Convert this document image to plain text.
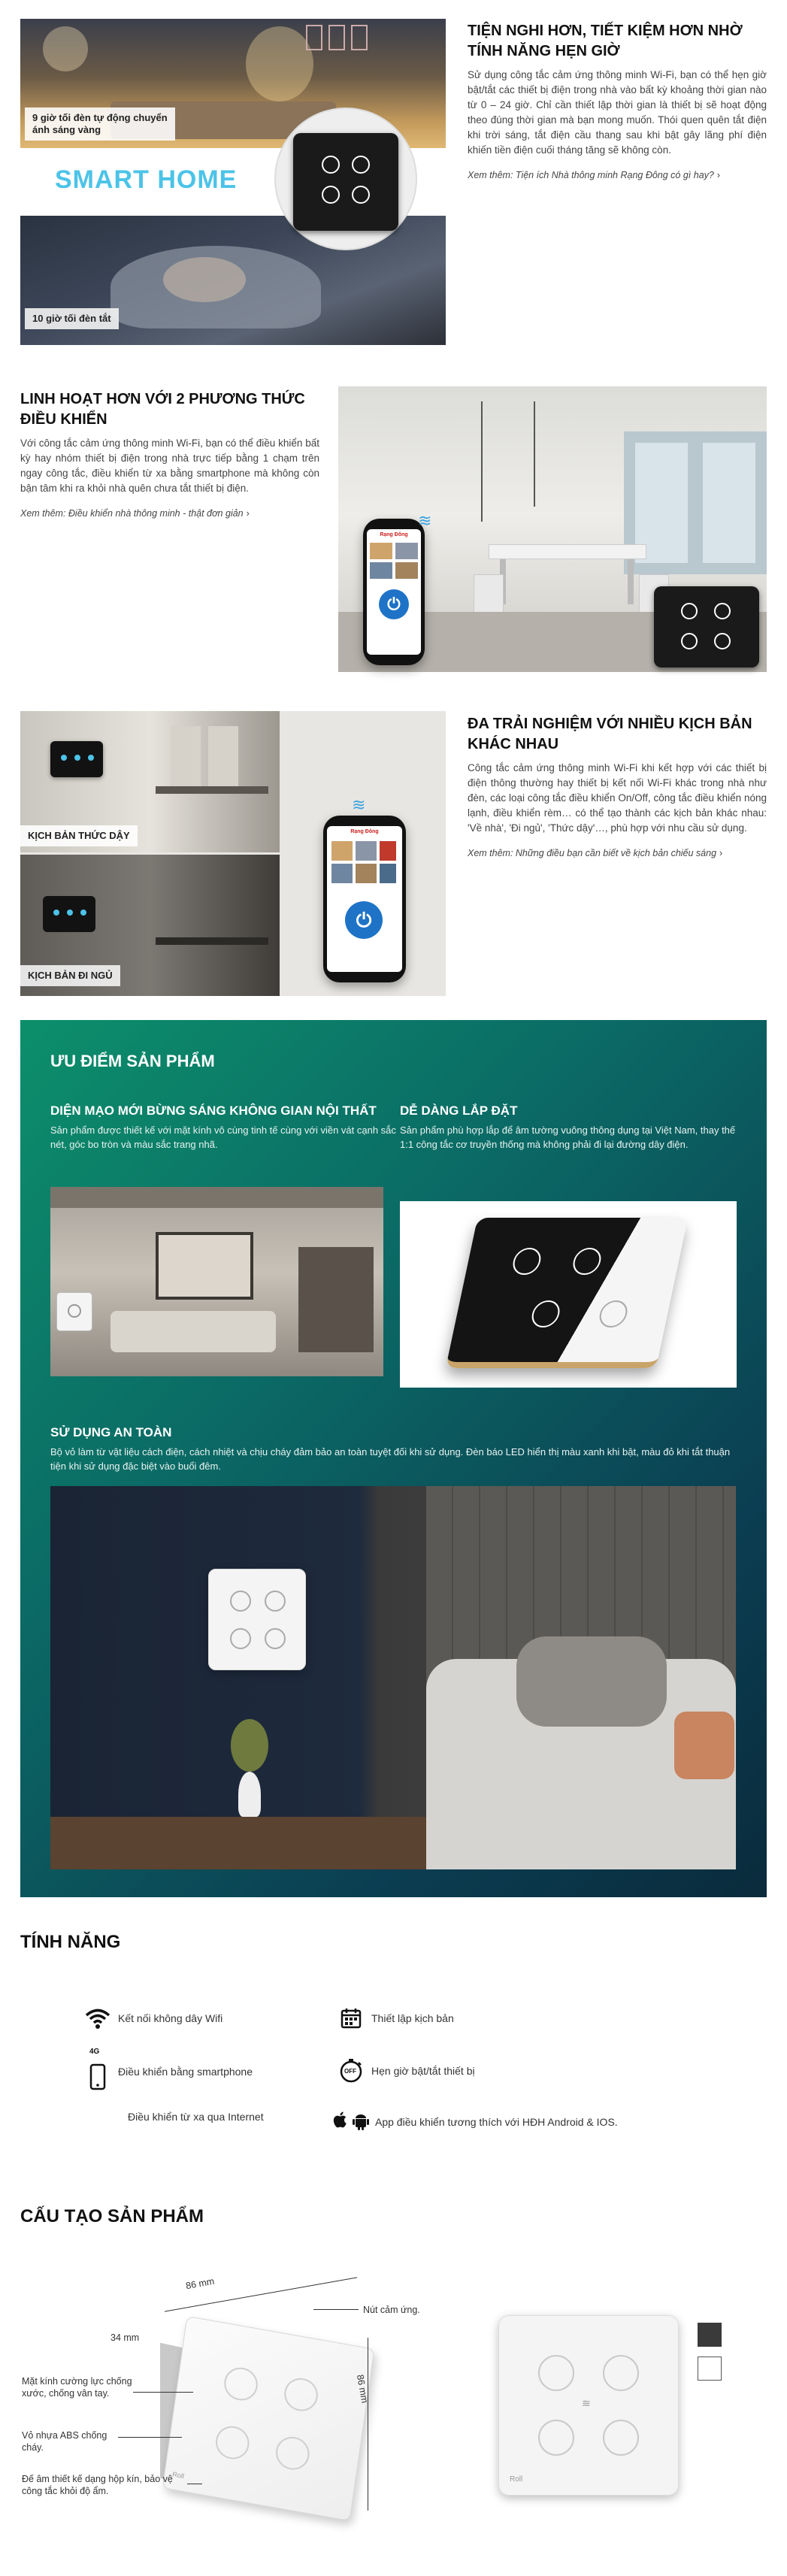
9 giờ tối đèn tự động chuyển ánh sáng vàng
SMART HOME
10 giờ tối đèn tắt
TIỆN NGHI HƠN, TIẾT KIỆM HƠN NHỜ TÍNH NĂNG HẸN GIỜ
Sử dụng công tắc cảm ứng thông minh Wi-Fi, bạn có thể hẹn giờ bật/tắt các thiết bị điện trong nhà vào bất kỳ khoảng thời gian nào từ 0 – 24 giờ. Chỉ cần thiết lập thời gian là thiết bị sẽ hoạt động theo đúng thời gian mà bạn mong muốn. Thói quen quên tắt điện khi trời sáng, tắt điện cầu thang sau khi bật gây lãng phí điện khiến tiền điện cuối tháng tăng sẽ không còn.
Xem thêm: Tiện ích Nhà thông minh Rạng Đông có gì hay? ›
LINH HOẠT HƠN VỚI 2 PHƯƠNG THỨC ĐIỀU KHIỂN
Với công tắc cảm ứng thông minh Wi-Fi, bạn có thể điều khiển bất kỳ hay nhóm thiết bị điện trong nhà trực tiếp bằng 1 chạm trên ngay công tắc, điều khiển từ xa bằng smartphone mà không còn bận tâm khi ra khỏi nhà quên chưa tắt thiết bị điện.
Xem thêm: Điều khiển nhà thông minh - thật đơn giản ›
Rạng Đông
⏻
≋
KỊCH BẢN THỨC DẬY
KỊCH BẢN ĐI NGỦ
Rạng Đông
⏻
≋
ĐA TRẢI NGHIỆM VỚI NHIỀU KỊCH BẢN KHÁC NHAU
Công tắc cảm ứng thông minh Wi-Fi khi kết hợp với các thiết bị điện thông thường hay thiết bị kết nối Wi-Fi khác trong nhà như đèn, các loại công tắc điều khiển On/Off, công tắc điều khiển nóng lạnh, điều khiển rèm… có thể tạo thành các kịch bản khác nhau: 'Về nhà', 'Đi ngủ', 'Thức dậy'…, phù hợp với nhu cầu sử dụng.
Xem thêm: Những điều bạn cần biết về kịch bản chiếu sáng ›
ƯU ĐIỂM SẢN PHẨM
DIỆN MẠO MỚI BỪNG SÁNG KHÔNG GIAN NỘI THẤT
Sản phẩm được thiết kế với mặt kính vô cùng tinh tế cùng với viền vát cạnh sắc nét, góc bo tròn và màu sắc trang nhã.
DỄ DÀNG LẮP ĐẶT
Sản phẩm phù hợp lắp để âm tường vuông thông dụng tại Việt Nam, thay thế 1:1 công tắc cơ truyền thống mà không phải đi lại đường dây điện.
SỬ DỤNG AN TOÀN
Bộ vỏ làm từ vật liệu cách điện, cách nhiệt và chịu cháy đảm bảo an toàn tuyệt đối khi sử dụng. Đèn báo LED hiển thị màu xanh khi bật, màu đỏ khi tắt thuận tiện khi sử dụng đặc biệt vào buổi đêm.
TÍNH NĂNG
Kết nối không dây Wifi	Thiết lập kịch bản
4G
Điều khiển bằng smartphone	OFF Hẹn giờ bật/tắt thiết bị
Điều khiển từ xa qua Internet	App điều khiển tương thích với HĐH Android & IOS.
CẤU TẠO SẢN PHẨM
Roll
86 mm
86 mm
34 mm
Nút cảm ứng.
Mặt kính cường lực chống xước, chống vân tay.
Vỏ nhựa ABS chống cháy.
Đế âm thiết kế dạng hộp kín, bảo vệ công tắc khỏi độ ẩm.
≋
Roll
